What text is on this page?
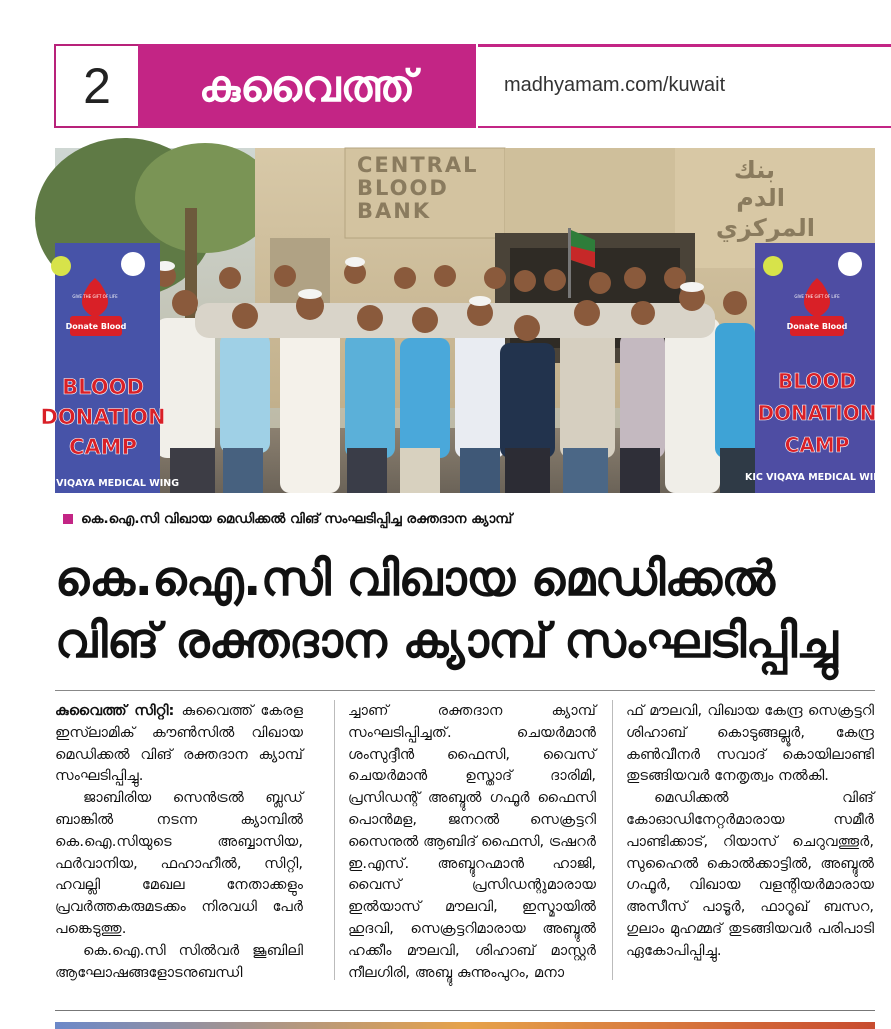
2	കുവൈത്ത്	madhyamam.com/kuwait
CENTRAL
BLOOD
BANK
بنك
الدم
المركزي
Donate Blood
GIVE THE GIFT OF LIFE
BLOOD
DONATION
CAMP
KIC VIQAYA MEDICAL WING
Donate Blood
GIVE THE GIFT OF LIFE
BLOOD
DONATION
CAMP
KIC VIQAYA MEDICAL WING
കെ.ഐ.സി വിഖായ മെഡിക്കൽ വിങ് സംഘടിപ്പിച്ച രക്തദാന ക്യാമ്പ്
കെ.ഐ.സി വിഖായ മെഡിക്കൽ
വിങ് രക്തദാന ക്യാമ്പ് സംഘടിപ്പിച്ചു

കുവൈത്ത് സിറ്റി: കുവൈത്ത് കേരള ഇസ്‍ലാമിക് കൗൺസിൽ വിഖായ മെഡിക്കൽ വിങ് രക്തദാന ക്യാമ്പ് സംഘടിപ്പിച്ചു.

ജാബിരിയ സെൻട്രൽ ബ്ലഡ് ബാങ്കിൽ നടന്ന ക്യാമ്പിൽ കെ.ഐ.സിയുടെ അബ്ബാസിയ, ഫർവാനിയ, ഫഹാഹീൽ, സിറ്റി, ഹവല്ലി മേഖല നേതാക്കളും പ്രവർത്തകരുമടക്കം നിരവധി പേർ പങ്കെടുത്തു.

കെ.ഐ.സി സിൽവർ ജൂബിലി ആഘോഷങ്ങളോടനുബന്ധി

ച്ചാണ് രക്തദാന ക്യാമ്പ് സംഘടിപ്പിച്ചത്. ചെയർമാൻ ശംസുദ്ദീൻ ഫൈസി, വൈസ് ചെയർമാൻ ഉസ്താദ് ദാരിമി, പ്രസിഡന്റ് അബ്ദുൽ ഗഫൂർ ഫൈസി പൊൻമള, ജനറൽ സെക്രട്ടറി സൈനുൽ ആബിദ് ഫൈസി, ട്രഷറർ ഇ.എസ്. അബ്ദുറഹ്മാൻ ഹാജി, വൈസ് പ്രസിഡന്റുമാരായ ഇൽയാസ് മൗലവി, ഇസ്മായിൽ ഹുദവി, സെക്രട്ടറിമാരായ അബ്ദുൽ ഹക്കീം മൗലവി, ശിഹാബ് മാസ്റ്റർ നീലഗിരി, അബ്ദു കുന്നുംപുറം, മനാ

ഫ് മൗലവി, വിഖായ കേന്ദ്ര സെക്രട്ടറി ശിഹാബ് കൊടുങ്ങല്ലൂർ, കേന്ദ്ര കൺവീനർ സവാദ് കൊയിലാണ്ടി തുടങ്ങിയവർ നേതൃത്വം നൽകി.

മെഡിക്കൽ വിങ് കോഓഡിനേറ്റർമാരായ സമീർ പാണ്ടിക്കാട്, റിയാസ് ചെറുവത്തൂർ, സുഹൈൽ കൊൽക്കാട്ടിൽ, അബ്ദുൽ ഗഫൂർ, വിഖായ വളന്റിയർമാരായ അസീസ് പാടൂർ, ഫാറൂഖ് ബസറ, ഗുലാം മുഹമ്മദ് തുടങ്ങിയവർ പരിപാടി ഏകോപിപ്പിച്ചു.
